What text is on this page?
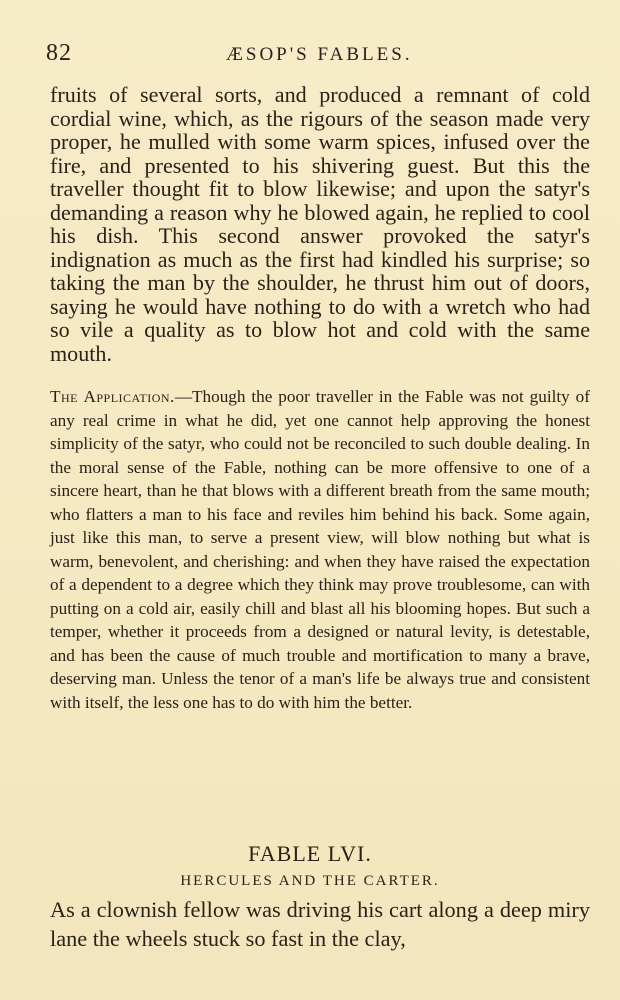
82	ÆSOP'S FABLES.

fruits of several sorts, and produced a remnant of cold cordial wine, which, as the rigours of the season made very proper, he mulled with some warm spices, infused over the fire, and presented to his shivering guest. But this the traveller thought fit to blow likewise; and upon the satyr's demanding a reason why he blowed again, he replied to cool his dish. This second answer provoked the satyr's indignation as much as the first had kindled his surprise; so taking the man by the shoulder, he thrust him out of doors, saying he would have nothing to do with a wretch who had so vile a quality as to blow hot and cold with the same mouth.

The Application.—Though the poor traveller in the Fable was not guilty of any real crime in what he did, yet one cannot help approving the honest simplicity of the satyr, who could not be reconciled to such double dealing. In the moral sense of the Fable, nothing can be more offensive to one of a sincere heart, than he that blows with a different breath from the same mouth; who flatters a man to his face and reviles him behind his back. Some again, just like this man, to serve a present view, will blow nothing but what is warm, benevolent, and cherishing: and when they have raised the expectation of a dependent to a degree which they think may prove troublesome, can with putting on a cold air, easily chill and blast all his blooming hopes. But such a temper, whether it proceeds from a designed or natural levity, is detestable, and has been the cause of much trouble and mortification to many a brave, deserving man. Unless the tenor of a man's life be always true and consistent with itself, the less one has to do with him the better.

FABLE LVI.
HERCULES AND THE CARTER.

As a clownish fellow was driving his cart along a deep miry lane the wheels stuck so fast in the clay,
